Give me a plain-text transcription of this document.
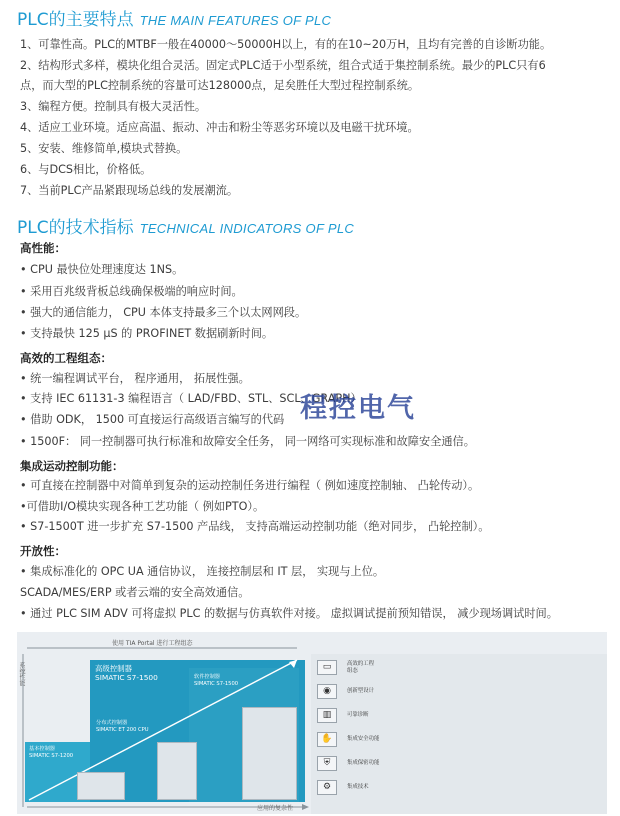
PLC的主要特点 THE MAIN FEATURES OF PLC
1、可靠性高。PLC的MTBF一般在40000～50000H以上，有的在10~20万H，且均有完善的自诊断功能。
2、结构形式多样，模块化组合灵活。固定式PLC适于小型系统，组合式适于集控制系统。最少的PLC只有6
点，而大型的PLC控制系统的容量可达128000点，足矣胜任大型过程控制系统。
3、编程方便。控制具有极大灵活性。
4、适应工业环境。适应高温、振动、冲击和粉尘等恶劣环境以及电磁干扰环境。
5、安装、维修简单,模块式替换。
6、与DCS相比，价格低。
7、当前PLC产品紧跟现场总线的发展潮流。
PLC的技术指标 TECHNICAL INDICATORS OF PLC
高性能：
• CPU 最快位处理速度达 1NS。
• 采用百兆级背板总线确保极端的响应时间。
• 强大的通信能力， CPU 本体支持最多三个以太网网段。
• 支持最快 125 μS 的 PROFINET 数据刷新时间。
高效的工程组态：
• 统一编程调试平台， 程序通用， 拓展性强。
• 支持 IEC 61131-3 编程语言（ LAD/FBD、STL、SCL、GRAPH）
• 借助 ODK， 1500 可直接运行高级语言编写的代码
• 1500F： 同一控制器可执行标准和故障安全任务， 同一网络可实现标准和故障安全通信。
程控电气
集成运动控制功能：
• 可直接在控制器中对简单到复杂的运动控制任务进行编程（ 例如速度控制轴、 凸轮传动）。
•可借助I/O模块实现各种工艺功能（ 例如PTO）。
• S7-1500T 进一步扩充 S7-1500 产品线， 支持高端运动控制功能（绝对同步， 凸轮控制）。
开放性：
• 集成标准化的 OPC UA 通信协议， 连接控制层和 IT 层， 实现与上位。
SCADA/MES/ERP 或者云端的安全高效通信。
• 通过 PLC SIM ADV 可将虚拟 PLC 的数据与仿真软件对接。 虚拟调试提前预知错误， 减少现场调试时间。
系统性能
使用 TIA Portal 进行工程组态
高级控制器
SIMATIC S7-1500	软件控制器
SIMATIC S7-1500
分布式控制器
SIMATIC ET 200 CPU
基本控制器
SIMATIC S7-1200
应用的复杂性
▭	高效的工程
组态
◉	创新型设计
▥	可靠诊断
✋	集成安全功能
⛨	集成保密功能
⚙	集成技术
